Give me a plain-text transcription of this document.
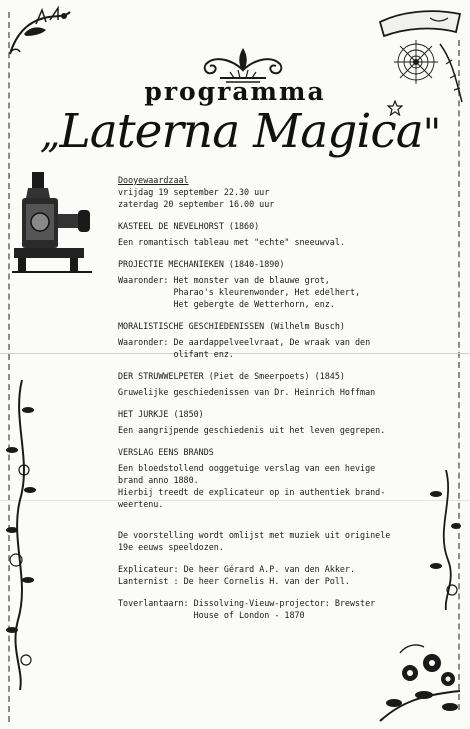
programma
„Laterna Magica"
Dooyewaardzaal
vrijdag 19 september 22.30 uur
zaterdag 20 september 16.00 uur
KASTEEL DE NEVELHORST (1860)
Een romantisch tableau met "echte" sneeuwval.
PROJECTIE MECHANIEKEN (1840-1890)
Waaronder: Het monster van de blauwe grot,
Pharao's kleurenwonder, Het edelhert,
Het gebergte de Wetterhorn, enz.
MORALISTISCHE GESCHIEDENISSEN (Wilhelm Busch)
Waaronder: De aardappelveelvraat, De wraak van den
olifant enz.
DER STRUWWELPETER (Piet de Smeerpoets) (1845)
Gruwelijke geschiedenissen van Dr. Heinrich Hoffman
HET JURKJE (1850)
Een aangrijpende geschiedenis uit het leven gegrepen.
VERSLAG EENS BRANDS
Een bloedstollend ooggetuige verslag van een hevige
brand anno 1880.
Hierbij treedt de explicateur op in authentiek brand-
weertenu.
De voorstelling wordt omlijst met muziek uit originele
19e eeuws speeldozen.
Explicateur: De heer Gérard A.P. van den Akker.
Lanternist : De heer Cornelis H. van der Poll.
Toverlantaarn: Dissolving-Vieuw-projector: Brewster
House of London - 1870
